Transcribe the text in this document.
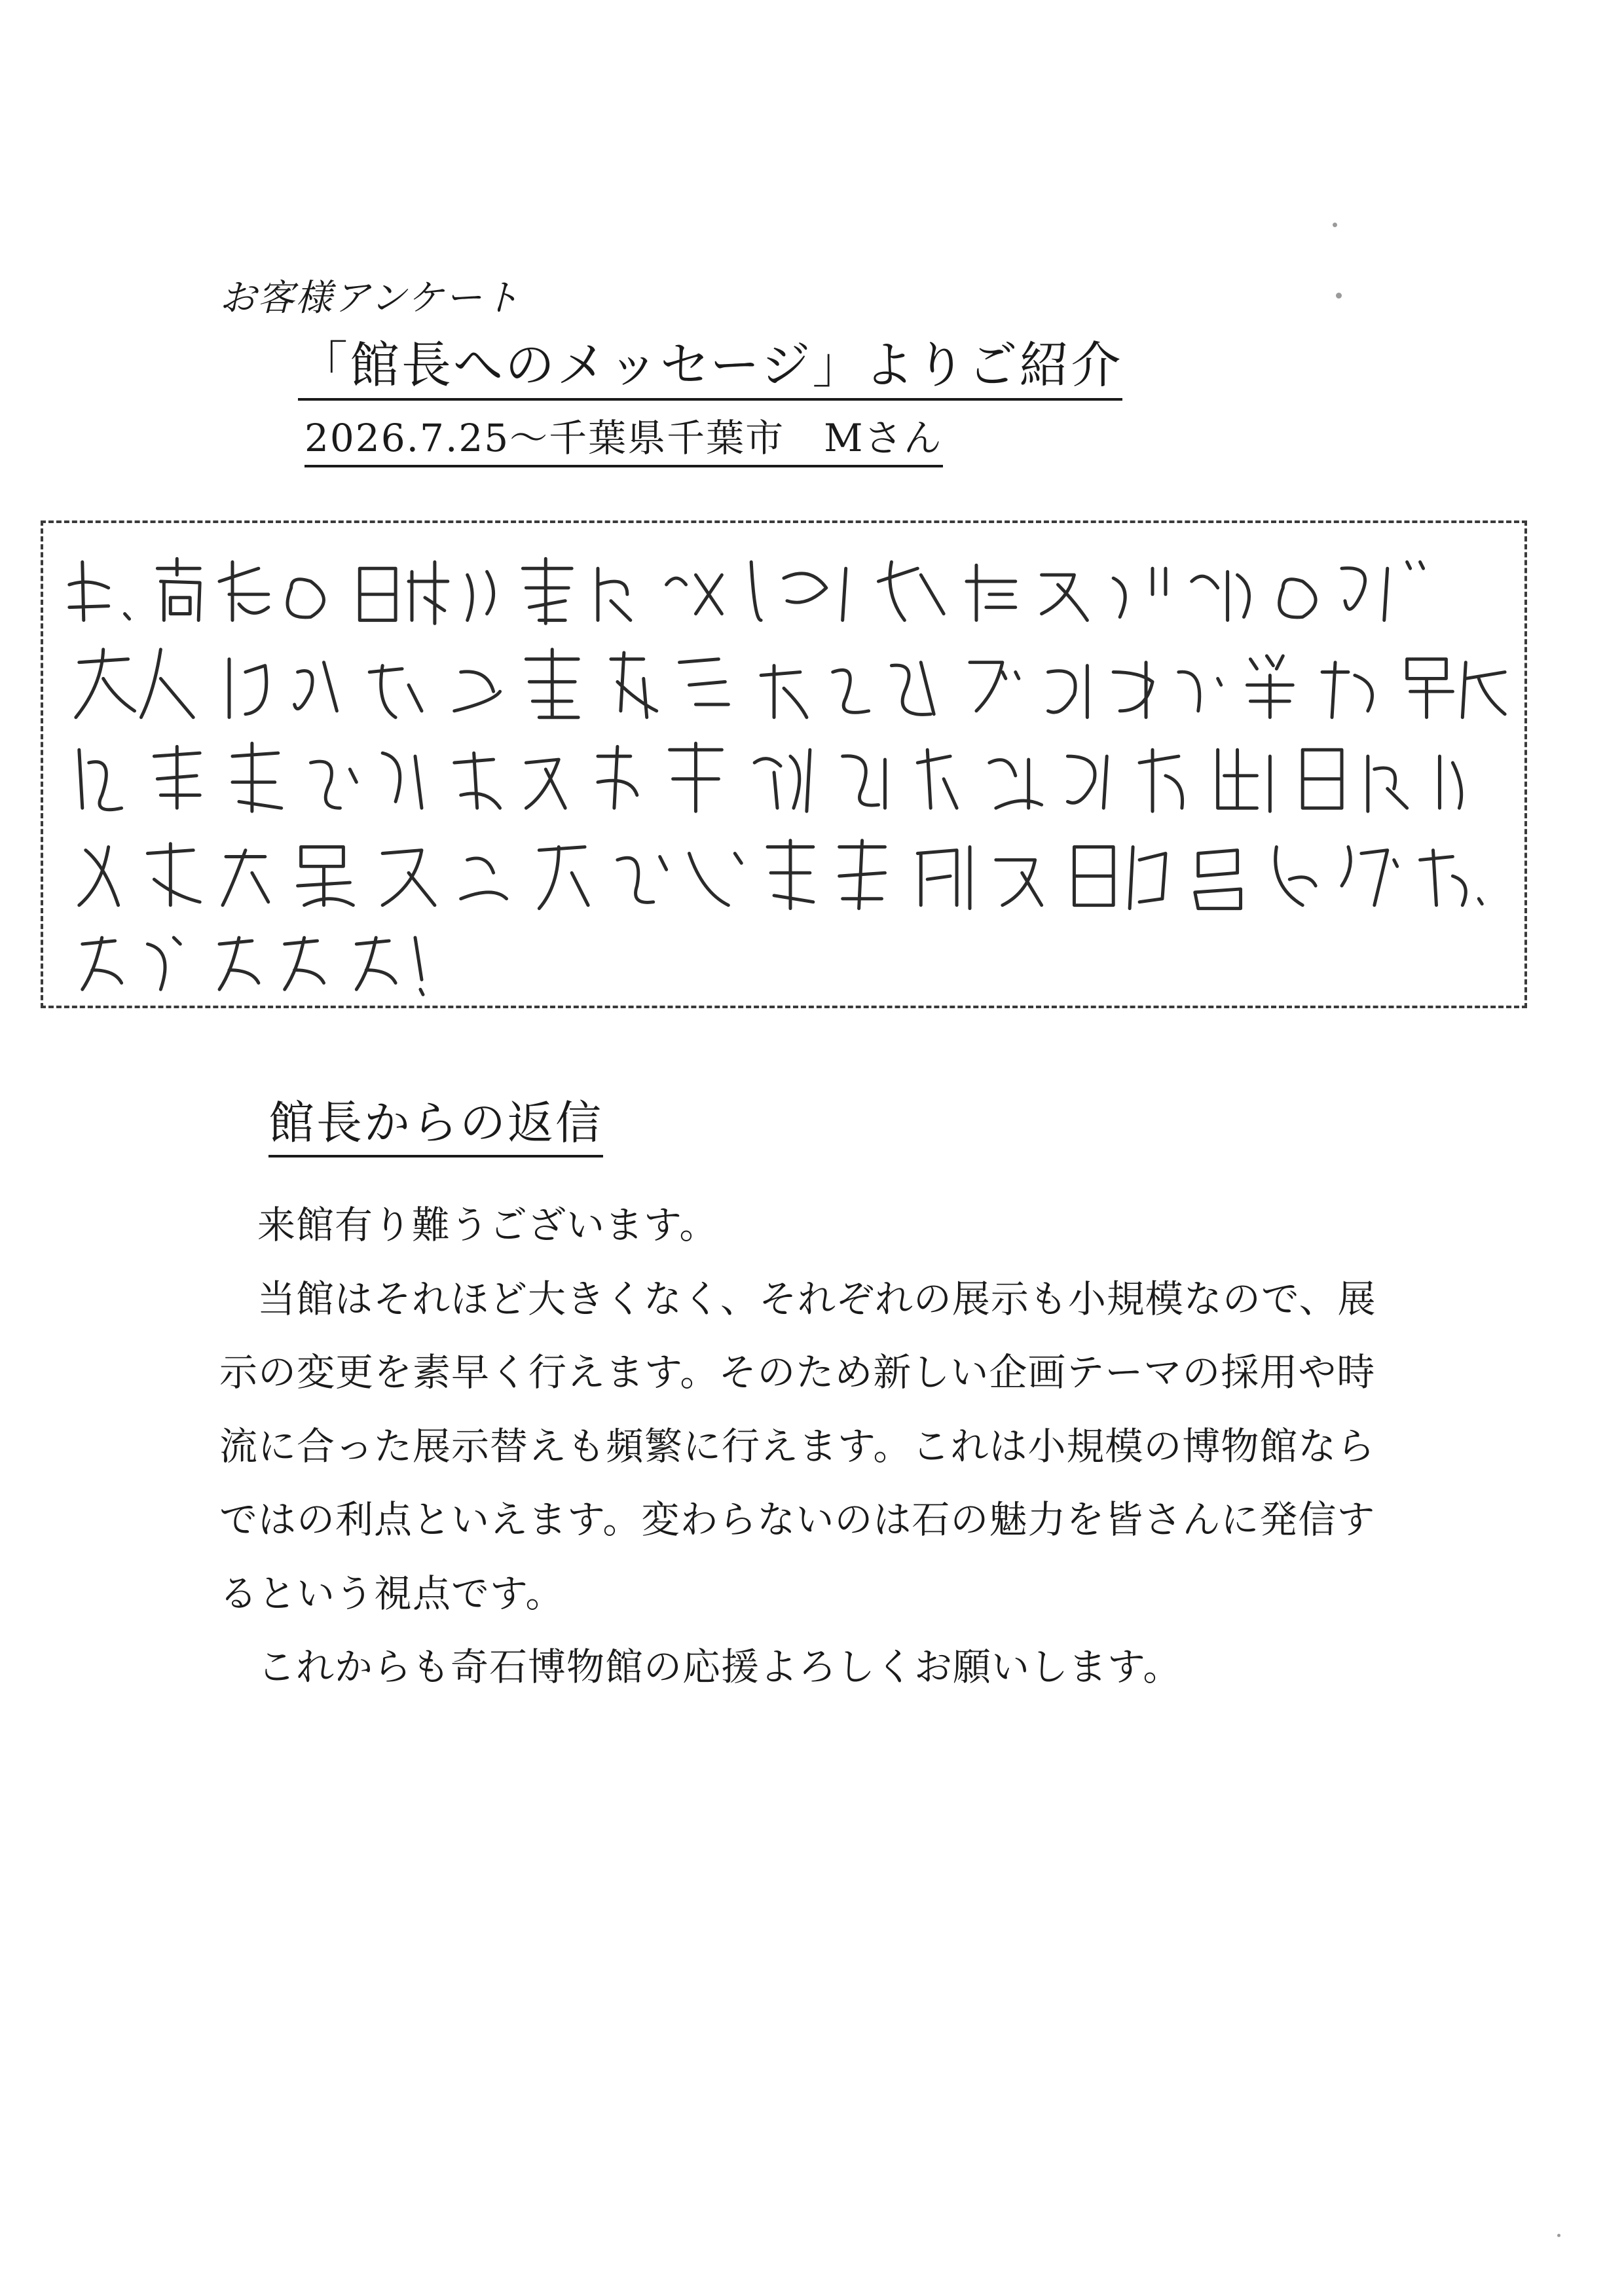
お客様アンケート
「館長へのメッセージ」よりご紹介
2026.7.25～千葉県千葉市　Mさん
館長からの返信

来館有り難うございます。

当館はそれほど大きくなく、それぞれの展示も小規模なので、展示の変更を素早く行えます。そのため新しい企画テーマの採用や時流に合った展示替えも頻繁に行えます。これは小規模の博物館ならではの利点といえます。変わらないのは石の魅力を皆さんに発信するという視点です。

これからも奇石博物館の応援よろしくお願いします。
